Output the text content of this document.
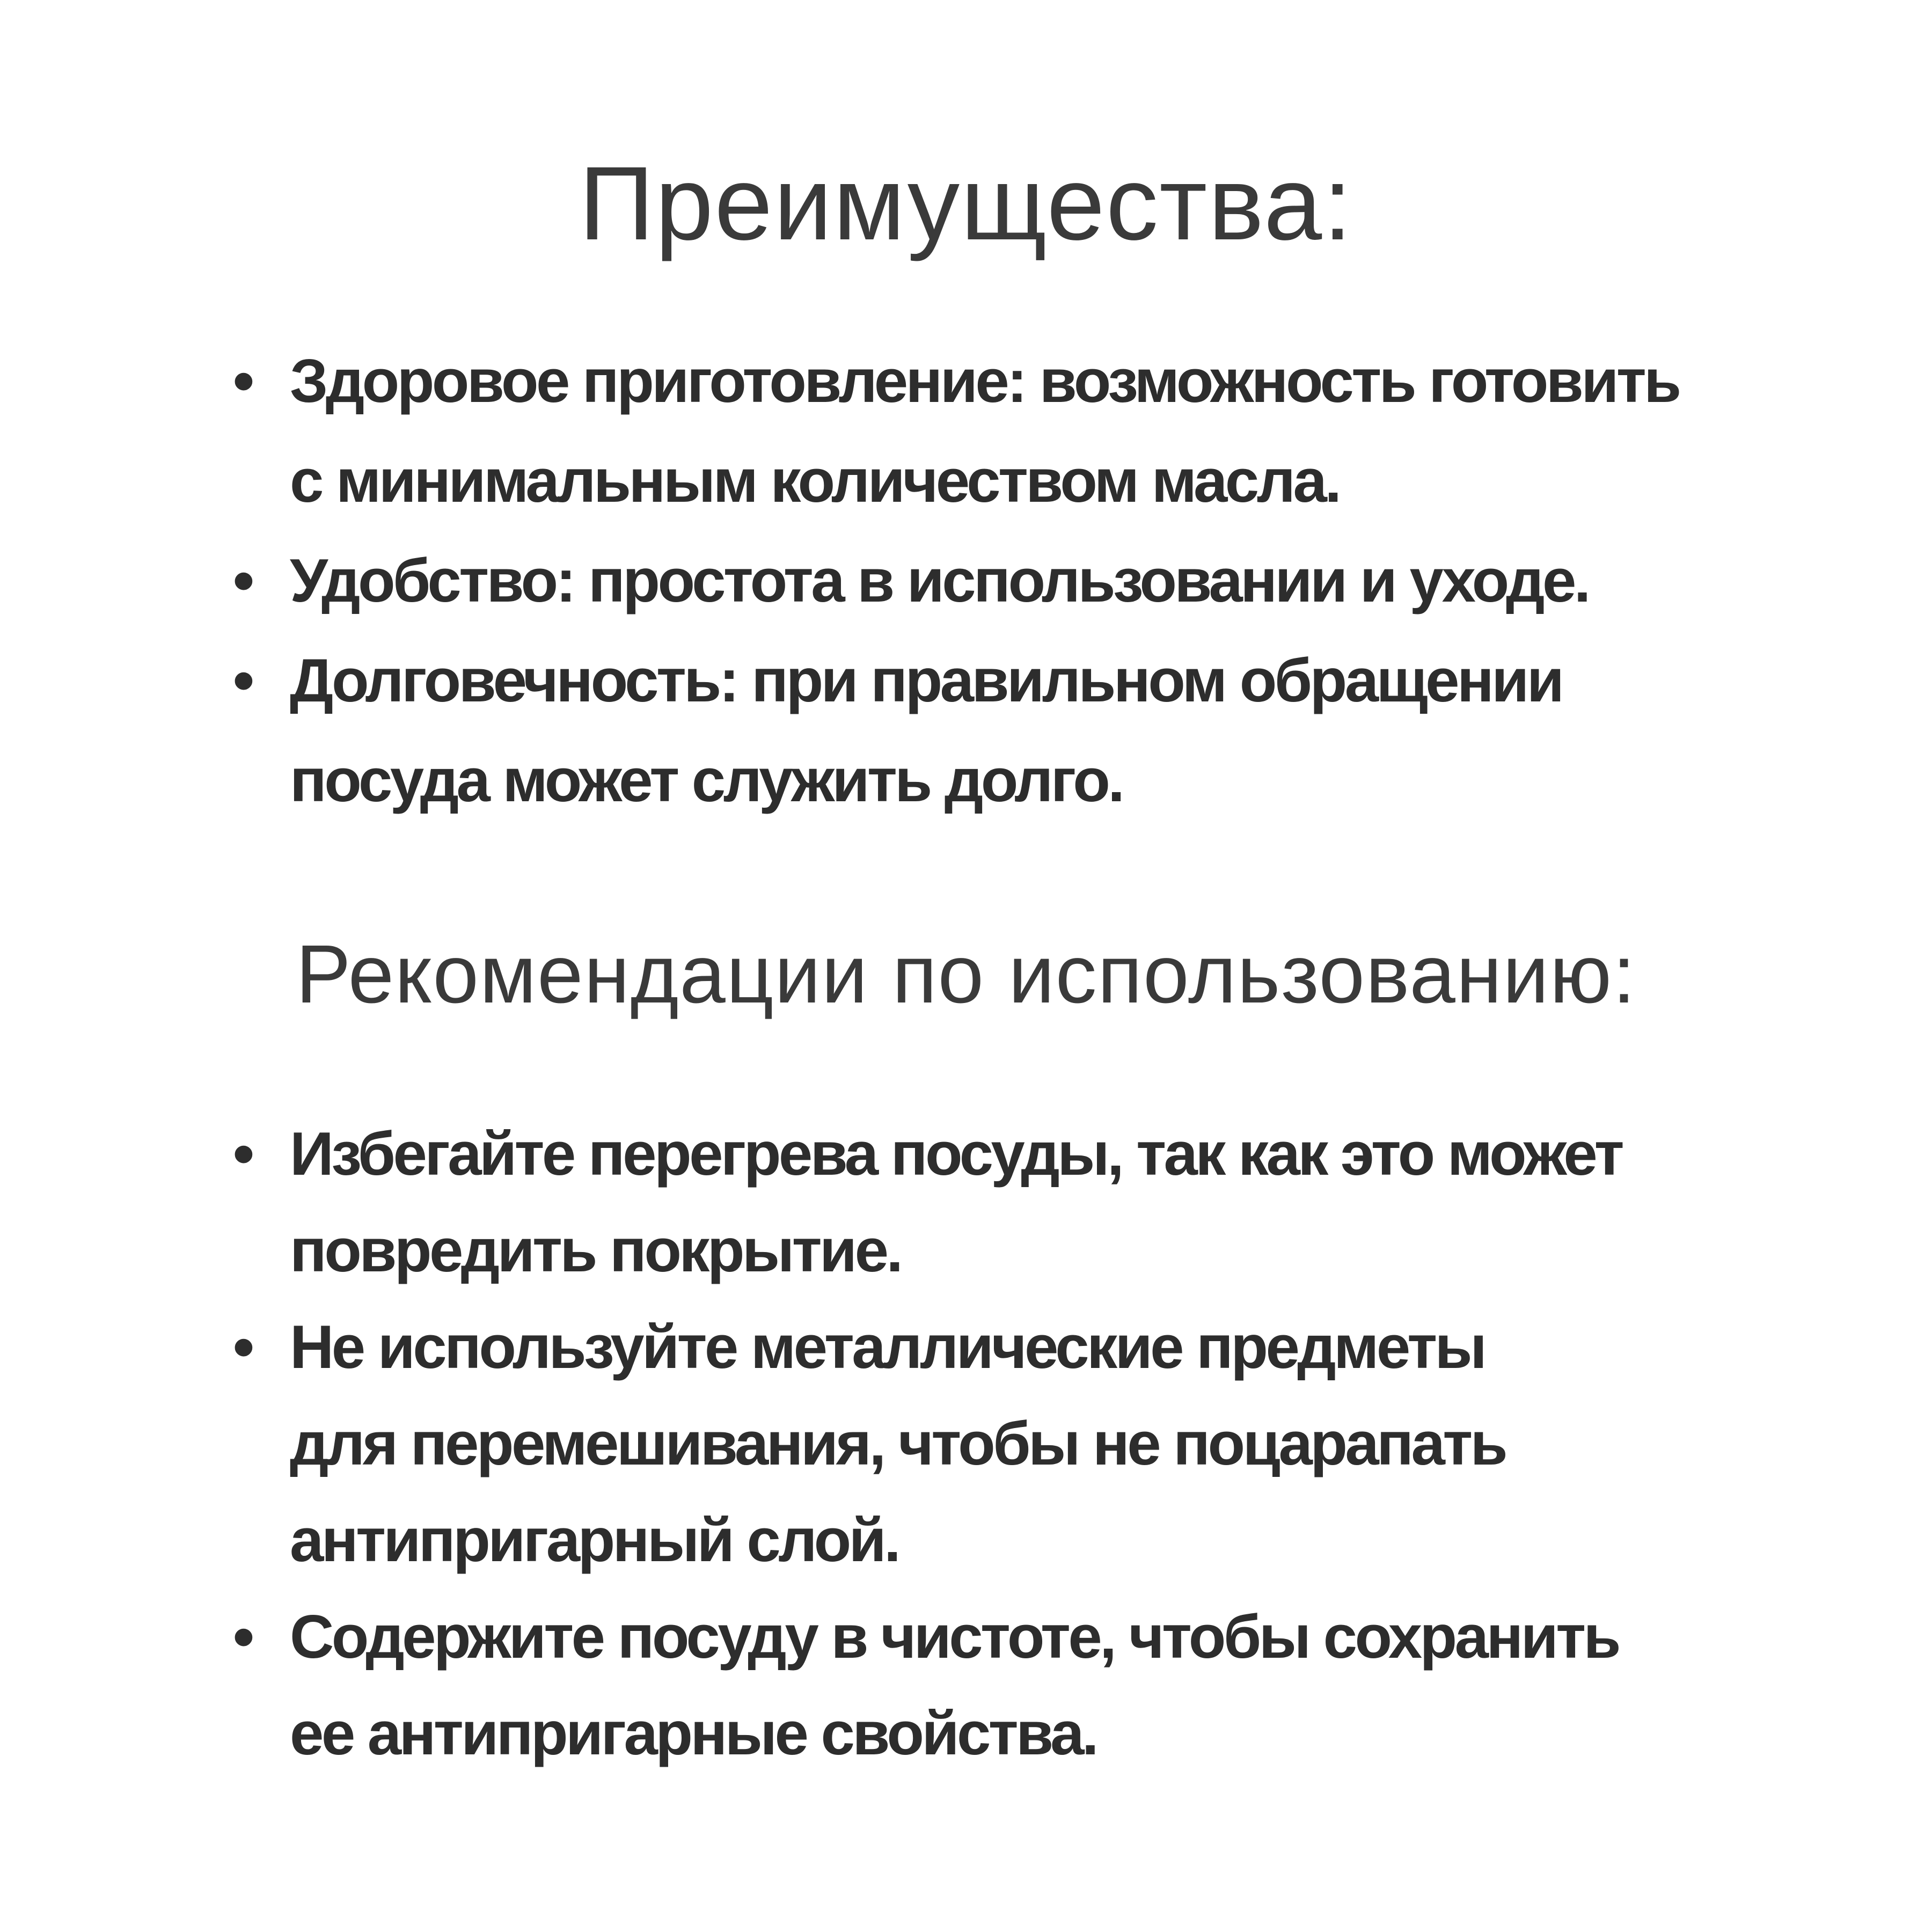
Преимущества:
• Здоровое приготовление: возможность готовить
с минимальным количеством масла.
• Удобство: простота в использовании и уходе.
• Долговечность: при правильном обращении
посуда может служить долго.
Рекомендации по использованию:
• Избегайте перегрева посуды, так как это может
повредить покрытие.
• Не используйте металлические предметы
для перемешивания, чтобы не поцарапать
антипригарный слой.
• Содержите посуду в чистоте, чтобы сохранить
ее антипригарные свойства.
